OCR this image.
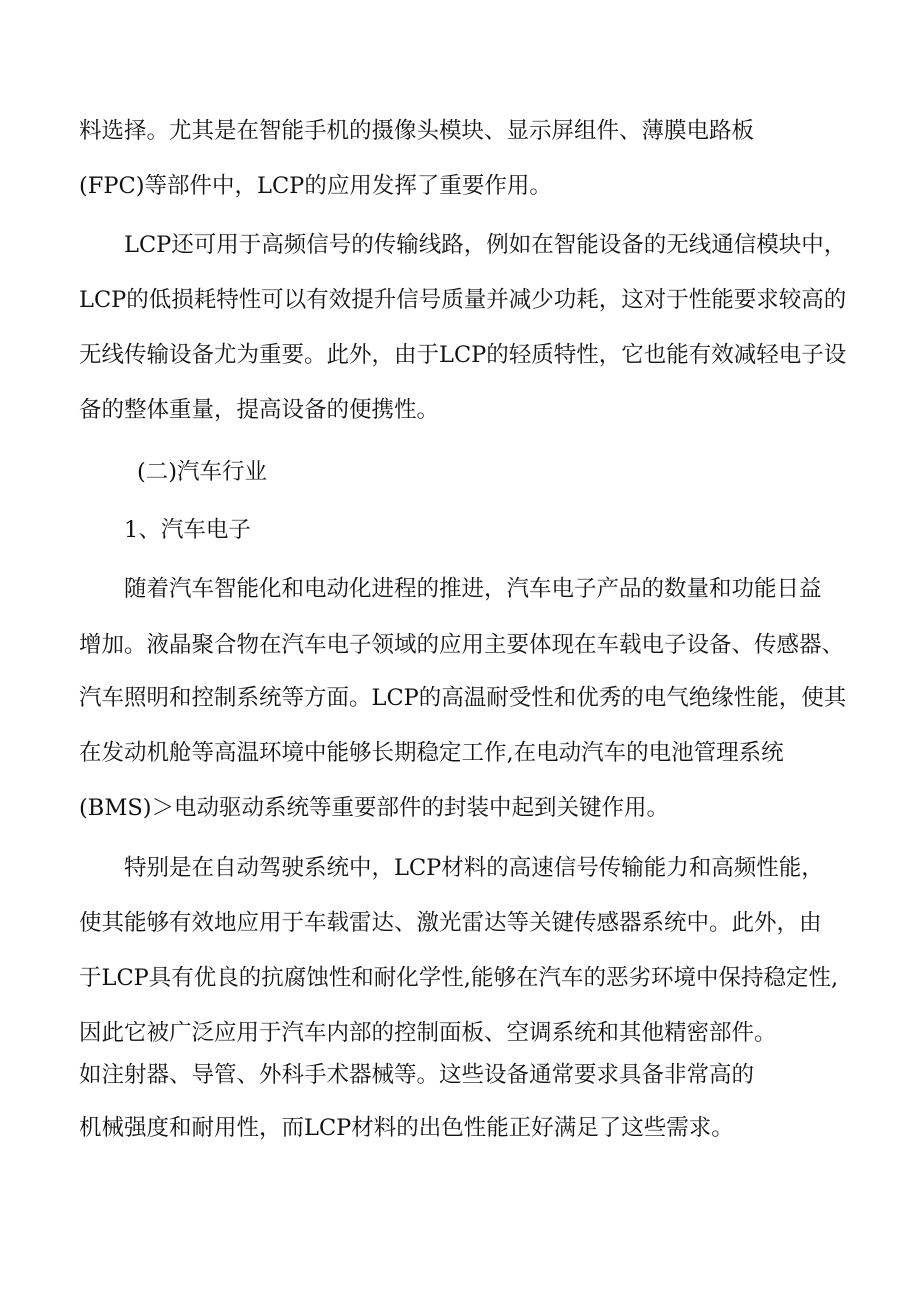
料选择。尤其是在智能手机的摄像头模块、显示屏组件、薄膜电路板

(FPC)等部件中，LCP的应用发挥了重要作用。

LCP还可用于高频信号的传输线路，例如在智能设备的无线通信模块中，

LCP的低损耗特性可以有效提升信号质量并减少功耗，这对于性能要求较高的

无线传输设备尤为重要。此外，由于LCP的轻质特性，它也能有效减轻电子设

备的整体重量，提高设备的便携性。

(二)汽车行业

1、汽车电子

随着汽车智能化和电动化进程的推进，汽车电子产品的数量和功能日益

增加。液晶聚合物在汽车电子领域的应用主要体现在车载电子设备、传感器、

汽车照明和控制系统等方面。LCP的高温耐受性和优秀的电气绝缘性能，使其

在发动机舱等高温环境中能够长期稳定工作,在电动汽车的电池管理系统

(BMS)＞电动驱动系统等重要部件的封装中起到关键作用。

特别是在自动驾驶系统中，LCP材料的高速信号传输能力和高频性能，

使其能够有效地应用于车载雷达、激光雷达等关键传感器系统中。此外，由

于LCP具有优良的抗腐蚀性和耐化学性,能够在汽车的恶劣环境中保持稳定性,

因此它被广泛应用于汽车内部的控制面板、空调系统和其他精密部件。

如注射器、导管、外科手术器械等。这些设备通常要求具备非常高的

机械强度和耐用性，而LCP材料的出色性能正好满足了这些需求。
